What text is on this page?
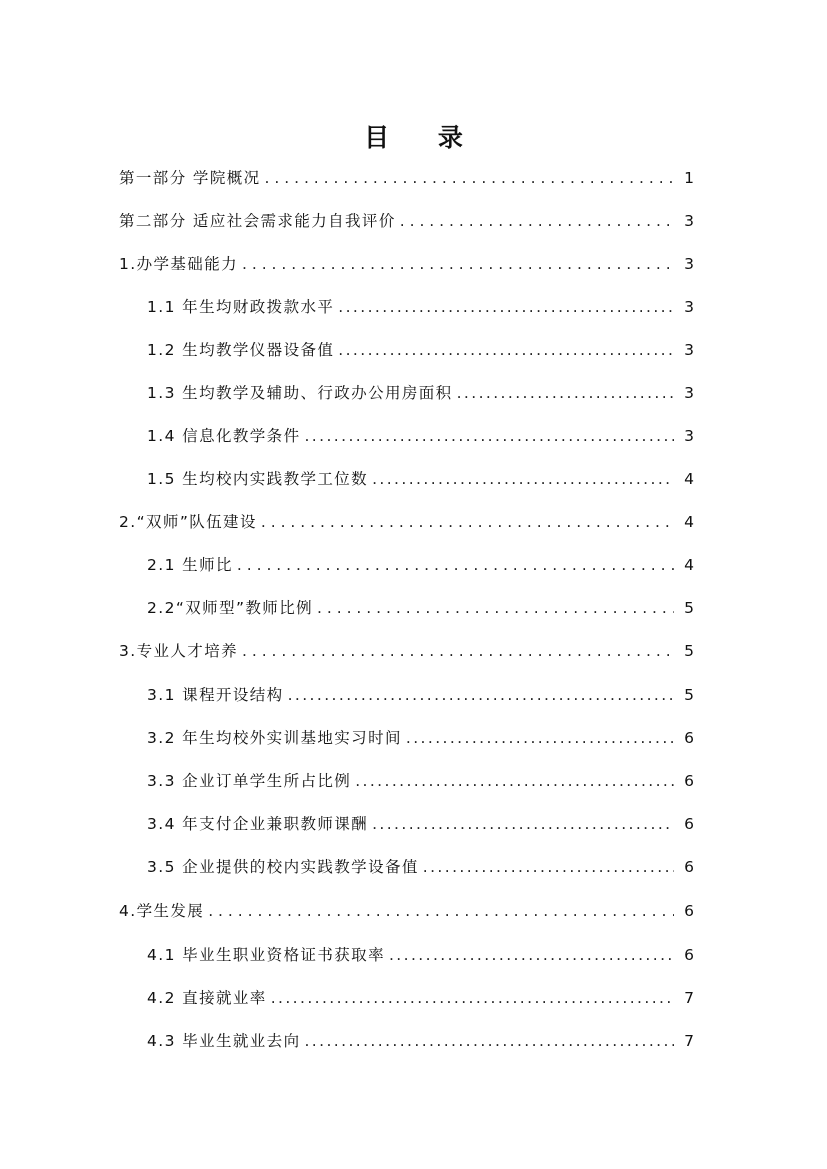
目 录
第一部分 学院概况 . . .	1
第二部分 适应社会需求能力自我评价 . . .	3
1.办学基础能力 . . .	3
1.1 年生均财政拨款水平 .....	3
1.2 生均教学仪器设备值 .....	3
1.3 生均教学及辅助、行政办公用房面积 .....	3
1.4 信息化教学条件 .....	3
1.5 生均校内实践教学工位数 .....	4
2.“双师”队伍建设 . . .	4
2.1 生师比 . . .	4
2.2“双师型”教师比例 . . .	5
3.专业人才培养 . . .	5
3.1 课程开设结构 .....	5
3.2 年生均校外实训基地实习时间 .....	6
3.3 企业订单学生所占比例 .....	6
3.4 年支付企业兼职教师课酬 .....	6
3.5 企业提供的校内实践教学设备值 .....	6
4.学生发展 . . .	6
4.1 毕业生职业资格证书获取率 .....	6
4.2 直接就业率 .....	7
4.3 毕业生就业去向 .....	7
